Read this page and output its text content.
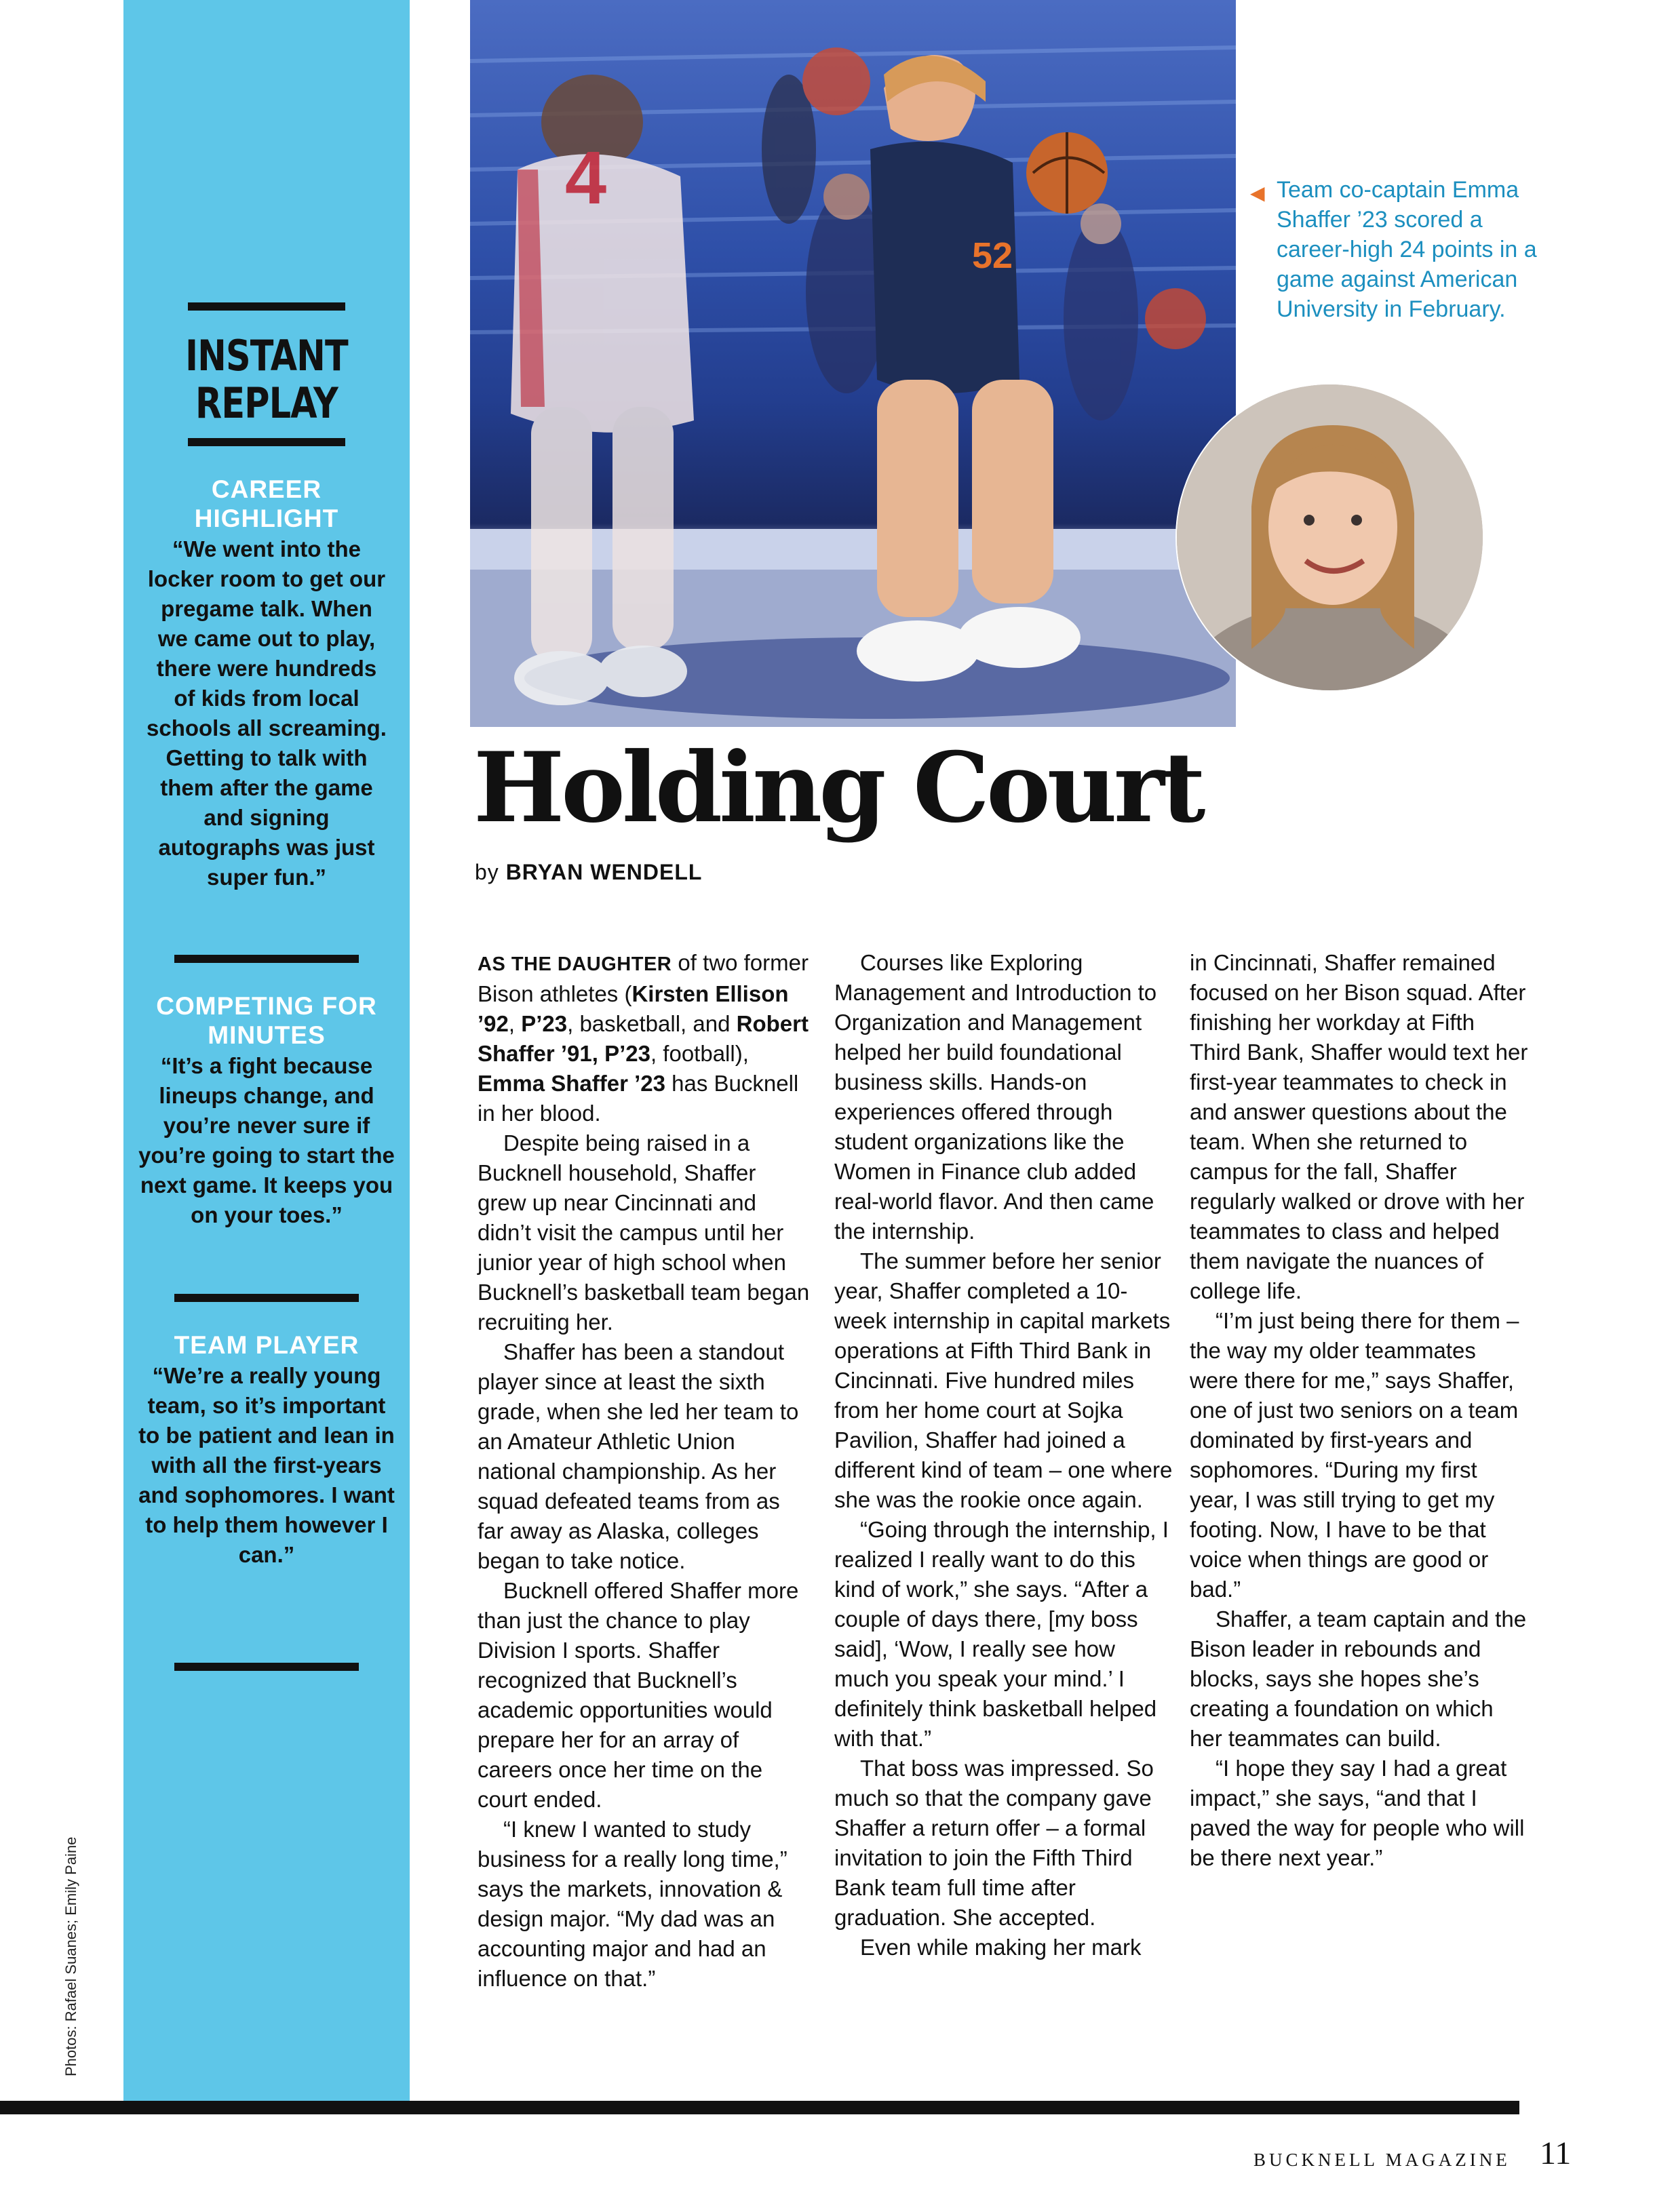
INSTANT
REPLAY
CAREER HIGHLIGHT
“We went into the locker room to get our pregame talk. When we came out to play, there were hundreds of kids from local schools all screaming. Getting to talk with them after the game and signing autographs was just super fun.”
COMPETING FOR MINUTES
“It’s a fight because lineups change, and you’re never sure if you’re going to start the next game. It keeps you on your toes.”
TEAM PLAYER
“We’re a really young team, so it’s important to be patient and lean in with all the first-years and sophomores. I want to help them however I can.”
Photos: Rafael Suanes; Emily Paine
4
52
◀ Team co-captain Emma Shaffer ’23 scored a career-high 24 points in a game against American University in February.
Holding Court
by BRYAN WENDELL

AS THE DAUGHTER of two former Bison athletes (Kirsten Ellison ’92, P’23, basketball, and Robert Shaffer ’91, P’23, football), Emma Shaffer ’23 has Bucknell in her blood.

Despite being raised in a Bucknell household, Shaffer grew up near Cincinnati and didn’t visit the campus until her junior year of high school when Bucknell’s basketball team began recruiting her.

Shaffer has been a standout player since at least the sixth grade, when she led her team to an Amateur Athletic Union national championship. As her squad defeated teams from as far away as Alaska, colleges began to take notice.

Bucknell offered Shaffer more than just the chance to play Division I sports. Shaffer recognized that Bucknell’s academic opportunities would prepare her for an array of careers once her time on the court ended.

“I knew I wanted to study business for a really long time,” says the markets, innovation & design major. “My dad was an accounting major and had an influence on that.”

Courses like Exploring Management and Introduction to Organization and Management helped her build foundational business skills. Hands-on experiences offered through student organizations like the Women in Finance club added real-world flavor. And then came the internship.

The summer before her senior year, Shaffer completed a 10-week internship in capital markets operations at Fifth Third Bank in Cincinnati. Five hundred miles from her home court at Sojka Pavilion, Shaffer had joined a different kind of team – one where she was the rookie once again.

“Going through the internship, I realized I really want to do this kind of work,” she says. “After a couple of days there, [my boss said], ‘Wow, I really see how much you speak your mind.’ I definitely think basketball helped with that.”

That boss was impressed. So much so that the company gave Shaffer a return offer – a formal invitation to join the Fifth Third Bank team full time after graduation. She accepted.

Even while making her mark

in Cincinnati, Shaffer remained focused on her Bison squad. After finishing her workday at Fifth Third Bank, Shaffer would text her first-year teammates to check in and answer questions about the team. When she returned to campus for the fall, Shaffer regularly walked or drove with her teammates to class and helped them navigate the nuances of college life.

“I’m just being there for them – the way my older teammates were there for me,” says Shaffer, one of just two seniors on a team dominated by first-years and sophomores. “During my first year, I was still trying to get my footing. Now, I have to be that voice when things are good or bad.”

Shaffer, a team captain and the Bison leader in rebounds and blocks, says she hopes she’s creating a foundation on which her teammates can build.

“I hope they say I had a great impact,” she says, “and that I paved the way for people who will be there next year.”

BUCKNELL MAGAZINE 11
